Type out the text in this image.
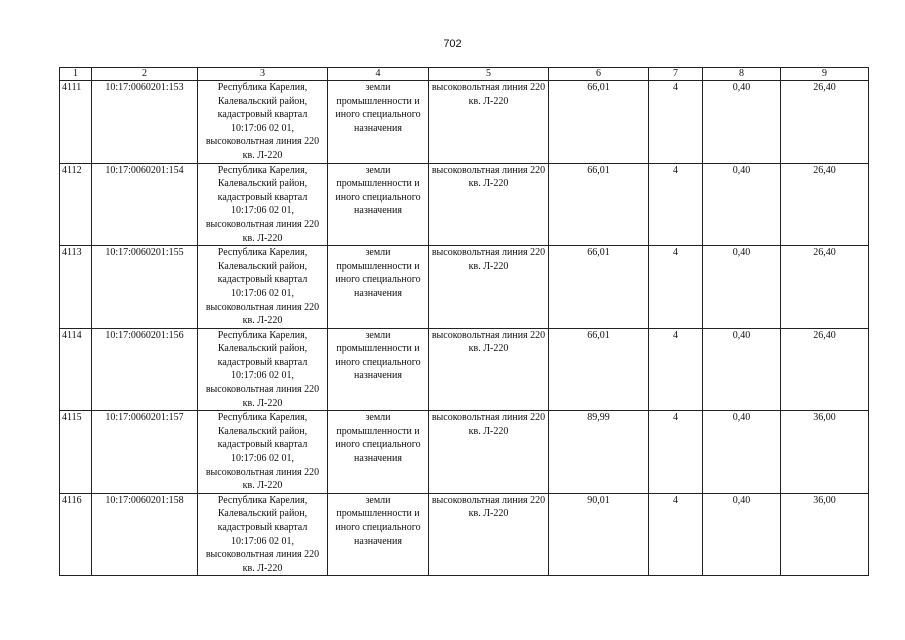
702
1	2	3	4	5	6	7	8	9
4111	10:17:0060201:153	Республика Карелия, Калевальский район, кадастровый квартал 10:17:06 02 01, высоковольтная линия 220 кв. Л-220	земли промышленности и иного специального назначения	высоковольтная линия 220 кв. Л-220	66,01	4	0,40	26,40
4112	10:17:0060201:154	Республика Карелия, Калевальский район, кадастровый квартал 10:17:06 02 01, высоковольтная линия 220 кв. Л-220	земли промышленности и иного специального назначения	высоковольтная линия 220 кв. Л-220	66,01	4	0,40	26,40
4113	10:17:0060201:155	Республика Карелия, Калевальский район, кадастровый квартал 10:17:06 02 01, высоковольтная линия 220 кв. Л-220	земли промышленности и иного специального назначения	высоковольтная линия 220 кв. Л-220	66,01	4	0,40	26,40
4114	10:17:0060201:156	Республика Карелия, Калевальский район, кадастровый квартал 10:17:06 02 01, высоковольтная линия 220 кв. Л-220	земли промышленности и иного специального назначения	высоковольтная линия 220 кв. Л-220	66,01	4	0,40	26,40
4115	10:17:0060201:157	Республика Карелия, Калевальский район, кадастровый квартал 10:17:06 02 01, высоковольтная линия 220 кв. Л-220	земли промышленности и иного специального назначения	высоковольтная линия 220 кв. Л-220	89,99	4	0,40	36,00
4116	10:17:0060201:158	Республика Карелия, Калевальский район, кадастровый квартал 10:17:06 02 01, высоковольтная линия 220 кв. Л-220	земли промышленности и иного специального назначения	высоковольтная линия 220 кв. Л-220	90,01	4	0,40	36,00
